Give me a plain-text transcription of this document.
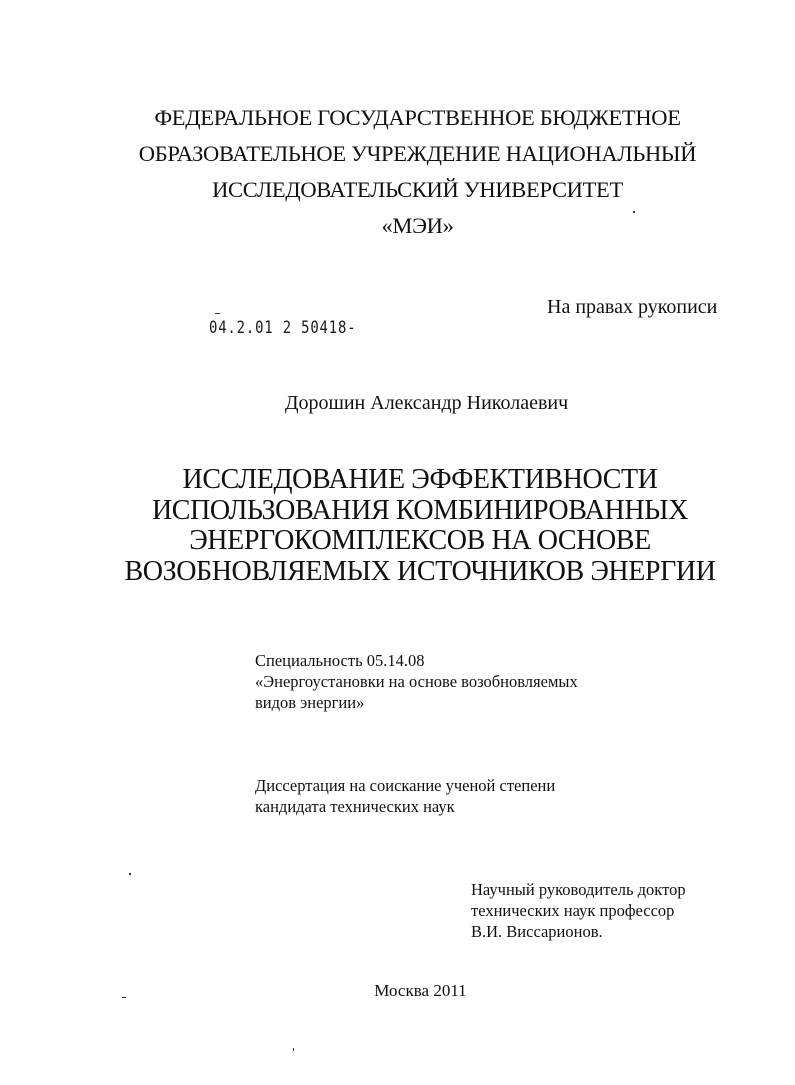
ФЕДЕРАЛЬНОЕ ГОСУДАРСТВЕННОЕ БЮДЖЕТНОЕ
ОБРАЗОВАТЕЛЬНОЕ УЧРЕЖДЕНИЕ НАЦИОНАЛЬНЫЙ
ИССЛЕДОВАТЕЛЬСКИЙ УНИВЕРСИТЕТ
«МЭИ»
На правах рукописи
04.2.01 2 50418-
Дорошин Александр Николаевич
ИССЛЕДОВАНИЕ ЭФФЕКТИВНОСТИ
ИСПОЛЬЗОВАНИЯ КОМБИНИРОВАННЫХ
ЭНЕРГОКОМПЛЕКСОВ НА ОСНОВЕ
ВОЗОБНОВЛЯЕМЫХ ИСТОЧНИКОВ ЭНЕРГИИ
Специальность 05.14.08
«Энергоустановки на основе возобновляемых
видов энергии»
Диссертация на соискание ученой степени
кандидата технических наук
Научный руководитель доктор
технических наук профессор
В.И. Виссарионов.
Москва 2011
